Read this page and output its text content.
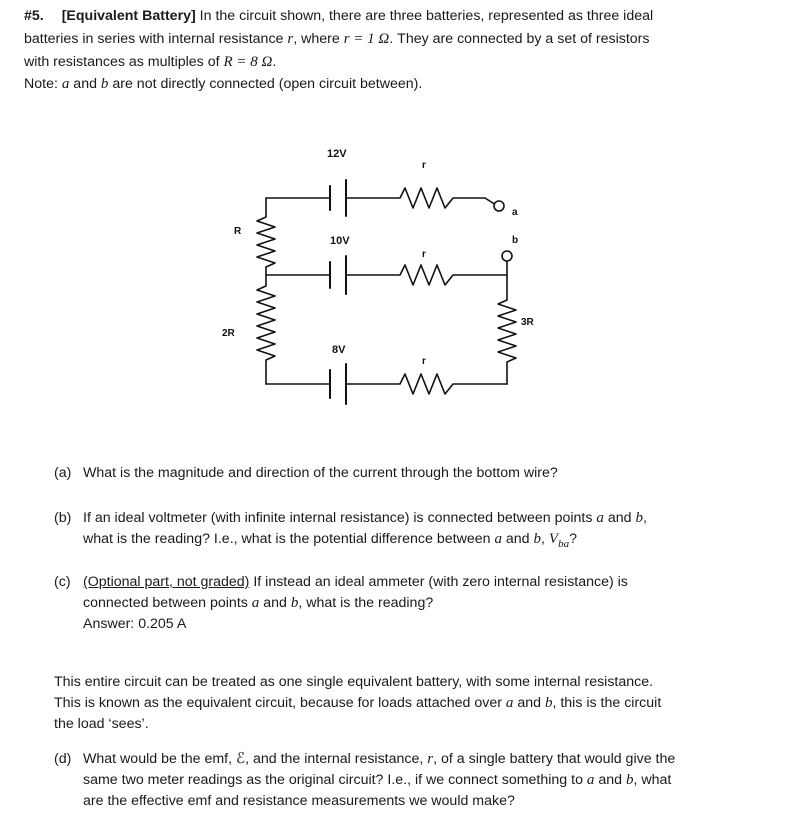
#5. [Equivalent Battery] In the circuit shown, there are three batteries, represented as three ideal
batteries in series with internal resistance r, where r = 1 Ω. They are connected by a set of resistors
with resistances as multiples of R = 8 Ω.
Note: a and b are not directly connected (open circuit between).
12V
r
a
R
10V	b
r
3R
2R
8V
r
(a) What is the magnitude and direction of the current through the bottom wire?
(b) If an ideal voltmeter (with infinite internal resistance) is connected between points a and b,
what is the reading? I.e., what is the potential difference between a and b, $V_{ba}$?
(c) (Optional part, not graded) If instead an ideal ammeter (with zero internal resistance) is
connected between points a and b, what is the reading?
Answer: 0.205 A
This entire circuit can be treated as one single equivalent battery, with some internal resistance.
This is known as the equivalent circuit, because for loads attached over a and b, this is the circuit
the load ‘sees’.
(d) What would be the emf, ℰ, and the internal resistance, r, of a single battery that would give the
same two meter readings as the original circuit? I.e., if we connect something to a and b, what
are the effective emf and resistance measurements we would make?
